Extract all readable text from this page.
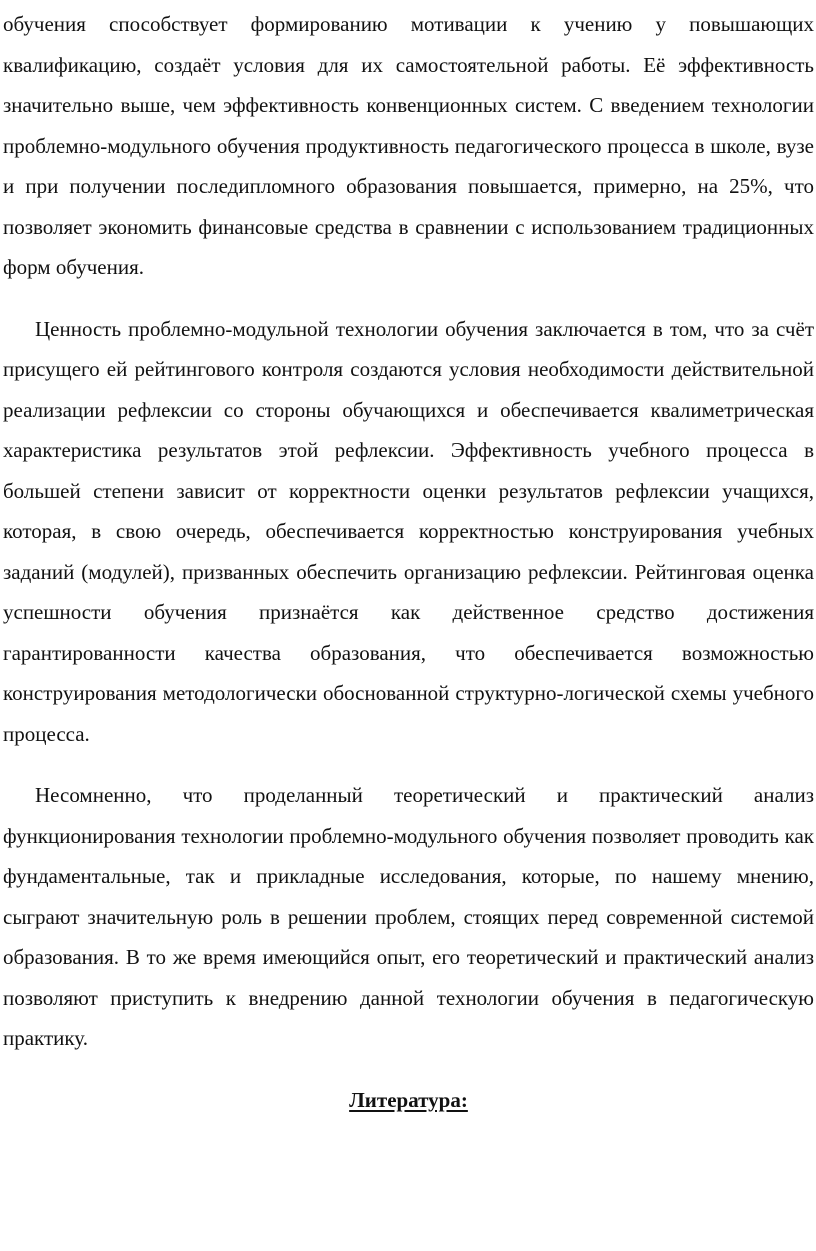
обучения способствует формированию мотивации к учению у повышающих квалификацию, создаёт условия для их самостоятельной работы. Её эффективность значительно выше, чем эффективность конвенционных систем. С введением технологии проблемно-модульного обучения продуктивность педагогического процесса в школе, вузе и при получении последипломного образования повышается, примерно, на 25%, что позволяет экономить финансовые средства в сравнении с использованием традиционных форм обучения.

Ценность проблемно-модульной технологии обучения заключается в том, что за счёт присущего ей рейтингового контроля создаются условия необходимости действительной реализации рефлексии со стороны обучающихся и обеспечивается квалиметрическая характеристика результатов этой рефлексии. Эффективность учебного процесса в большей степени зависит от корректности оценки результатов рефлексии учащихся, которая, в свою очередь, обеспечивается корректностью конструирования учебных заданий (модулей), призванных обеспечить организацию рефлексии. Рейтинговая оценка успешности обучения признаётся как действенное средство достижения гарантированности качества образования, что обеспечивается возможностью конструирования методологически обоснованной структурно-логической схемы учебного процесса.

Несомненно, что проделанный теоретический и практический анализ функционирования технологии проблемно-модульного обучения позволяет проводить как фундаментальные, так и прикладные исследования, которые, по нашему мнению, сыграют значительную роль в решении проблем, стоящих перед современной системой образования. В то же время имеющийся опыт, его теоретический и практический анализ позволяют приступить к внедрению данной технологии обучения в педагогическую практику.

Литература:
